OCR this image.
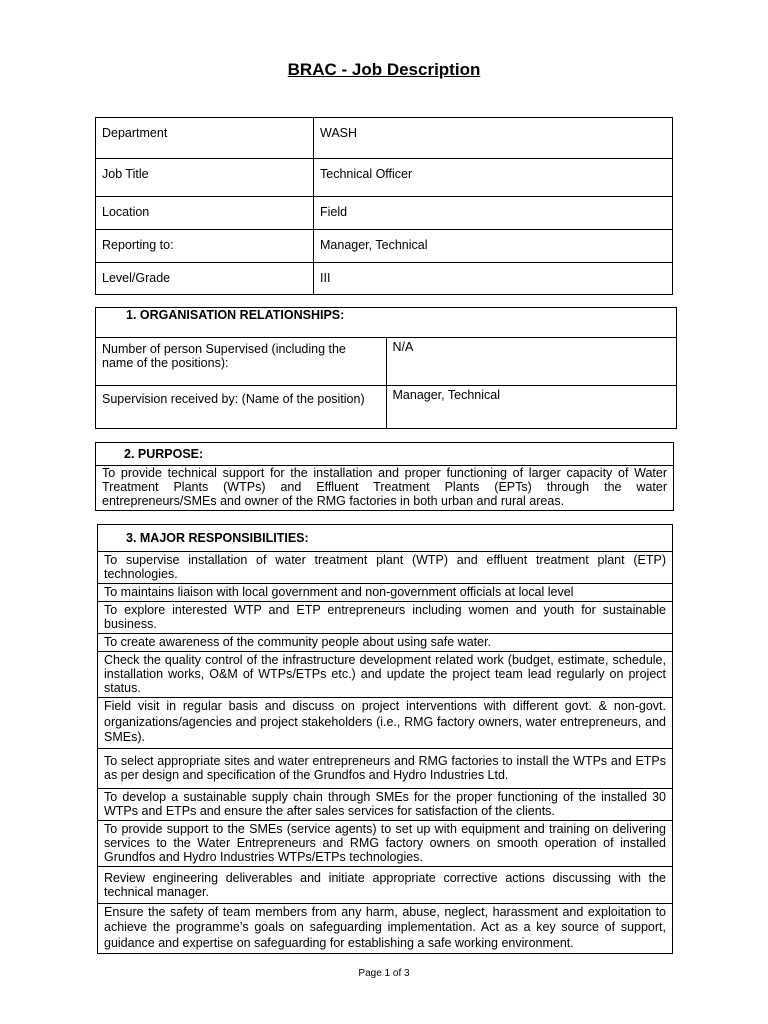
BRAC - Job Description
Department	WASH
Job Title	Technical Officer
Location	Field
Reporting to:	Manager, Technical
Level/Grade	III
1. ORGANISATION RELATIONSHIPS:	
Number of person Supervised (including the name of the positions):	N/A
Supervision received by: (Name of the position)	Manager, Technical
2. PURPOSE:
To provide technical support for the installation and proper functioning of larger capacity of Water Treatment Plants (WTPs) and Effluent Treatment Plants (EPTs) through the water entrepreneurs/SMEs and owner of the RMG factories in both urban and rural areas.
3. MAJOR RESPONSIBILITIES:
To supervise installation of water treatment plant (WTP) and effluent treatment plant (ETP) technologies.
To maintains liaison with local government and non-government officials at local level
To explore interested WTP and ETP entrepreneurs including women and youth for sustainable business.
To create awareness of the community people about using safe water.
Check the quality control of the infrastructure development related work (budget, estimate, schedule, installation works, O&M of WTPs/ETPs etc.) and update the project team lead regularly on project status.
Field visit in regular basis and discuss on project interventions with different govt. & non-govt. organizations/agencies and project stakeholders (i.e., RMG factory owners, water entrepreneurs, and SMEs).
To select appropriate sites and water entrepreneurs and RMG factories to install the WTPs and ETPs as per design and specification of the Grundfos and Hydro Industries Ltd.
To develop a sustainable supply chain through SMEs for the proper functioning of the installed 30 WTPs and ETPs and ensure the after sales services for satisfaction of the clients.
To provide support to the SMEs (service agents) to set up with equipment and training on delivering services to the Water Entrepreneurs and RMG factory owners on smooth operation of installed Grundfos and Hydro Industries WTPs/ETPs technologies.
Review engineering deliverables and initiate appropriate corrective actions discussing with the technical manager.
Ensure the safety of team members from any harm, abuse, neglect, harassment and exploitation to achieve the programme’s goals on safeguarding implementation. Act as a key source of support, guidance and expertise on safeguarding for establishing a safe working environment.
Page 1 of 3
